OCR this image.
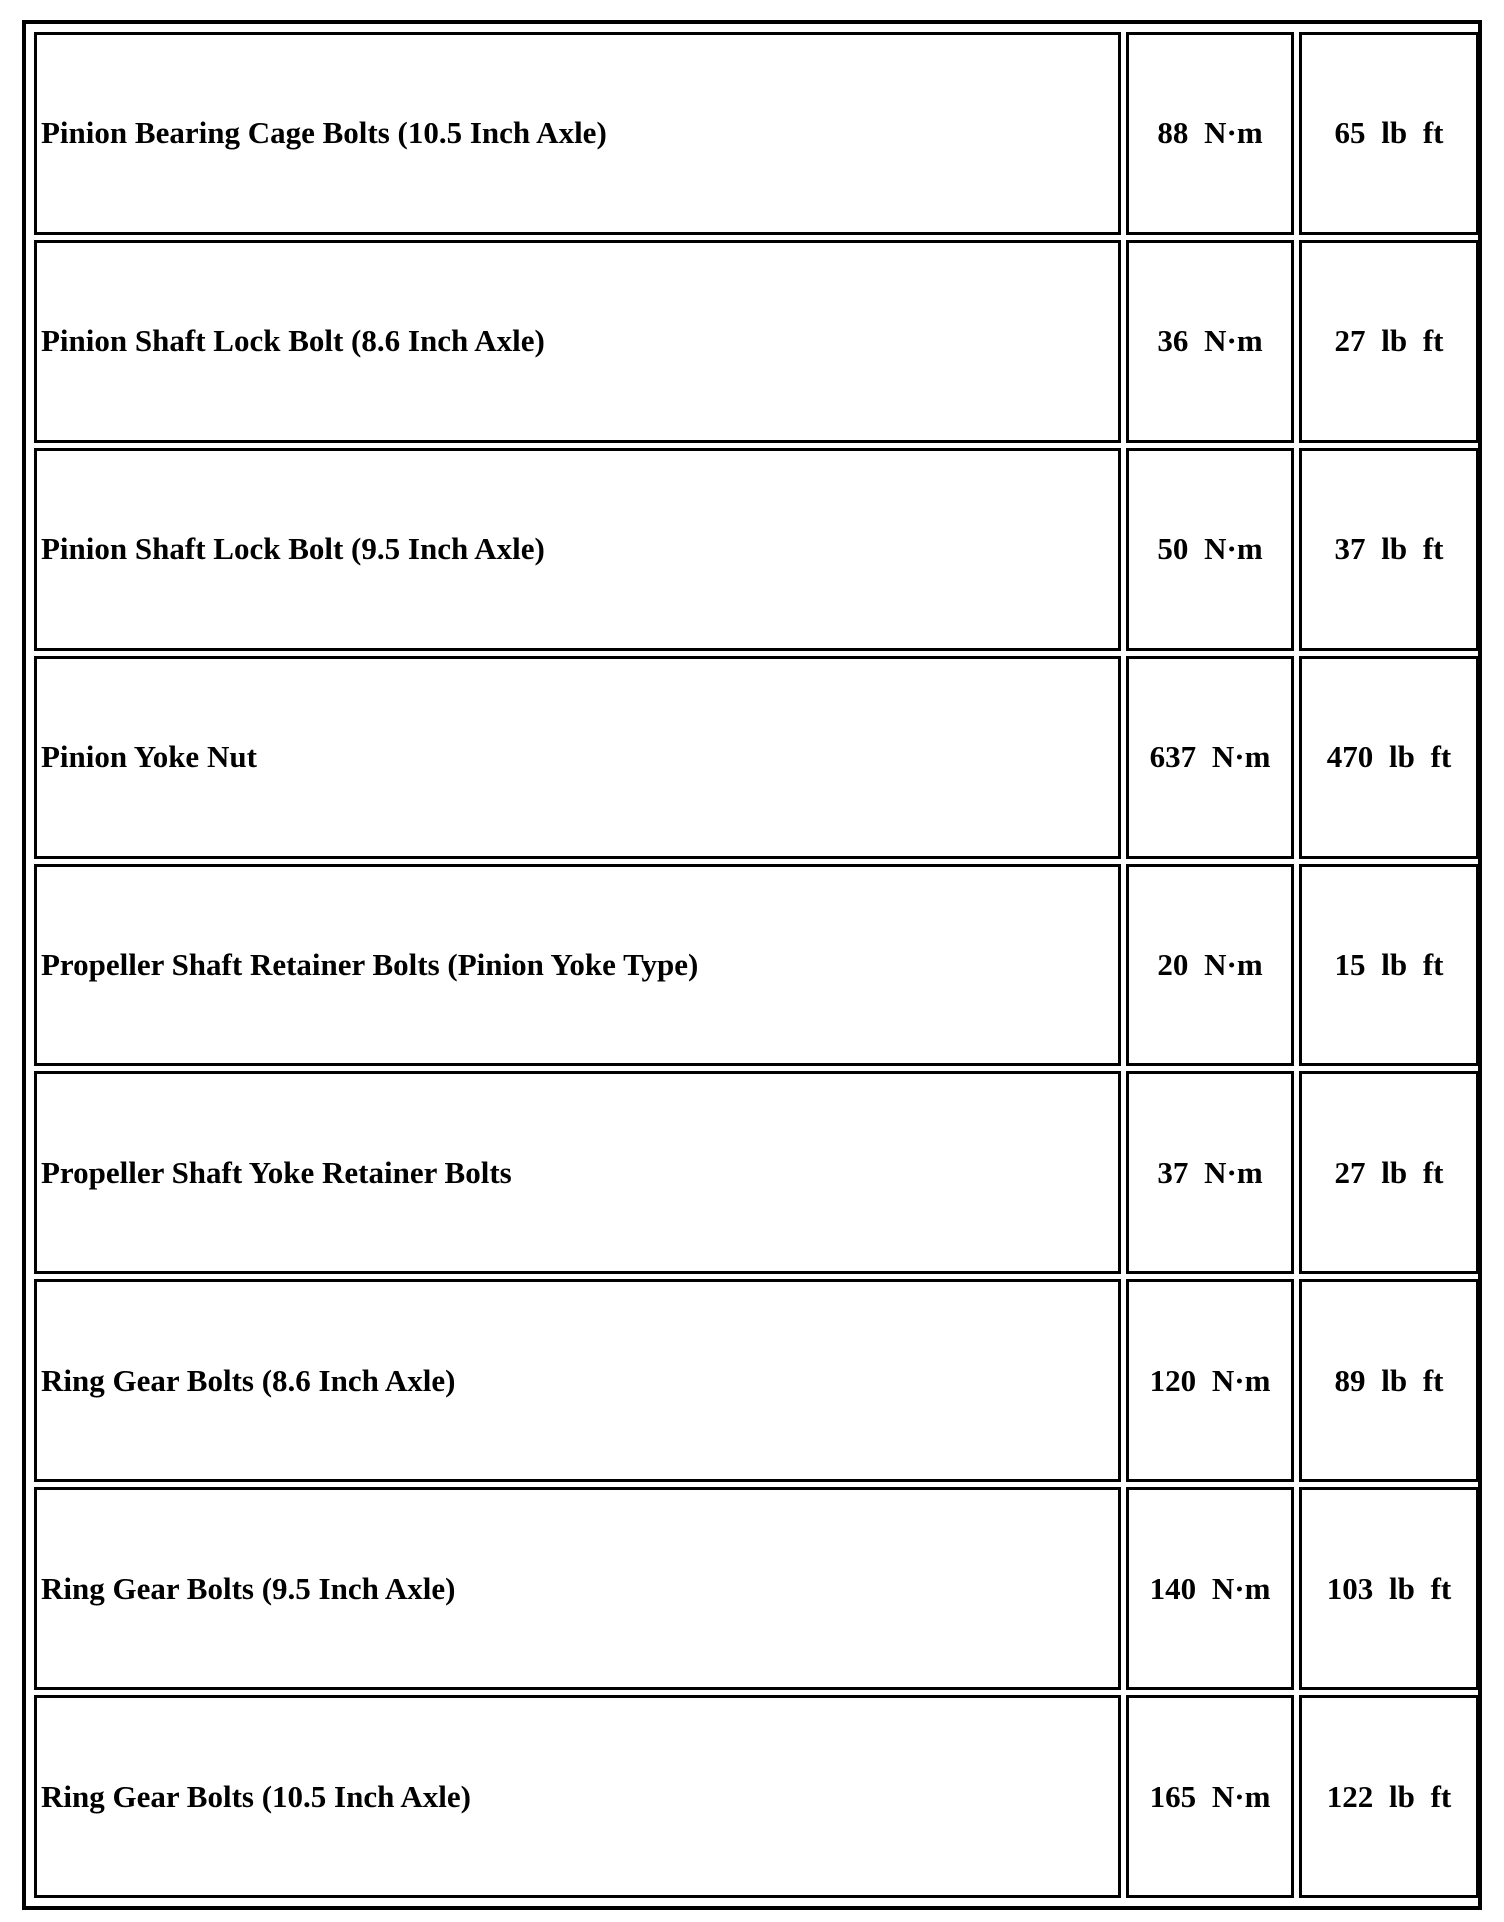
Pinion Bearing Cage Bolts (10.5 Inch Axle)	88 N·m	65 lb ft
Pinion Shaft Lock Bolt (8.6 Inch Axle)	36 N·m	27 lb ft
Pinion Shaft Lock Bolt (9.5 Inch Axle)	50 N·m	37 lb ft
Pinion Yoke Nut	637 N·m	470 lb ft
Propeller Shaft Retainer Bolts (Pinion Yoke Type)	20 N·m	15 lb ft
Propeller Shaft Yoke Retainer Bolts	37 N·m	27 lb ft
Ring Gear Bolts (8.6 Inch Axle)	120 N·m	89 lb ft
Ring Gear Bolts (9.5 Inch Axle)	140 N·m	103 lb ft
Ring Gear Bolts (10.5 Inch Axle)	165 N·m	122 lb ft
